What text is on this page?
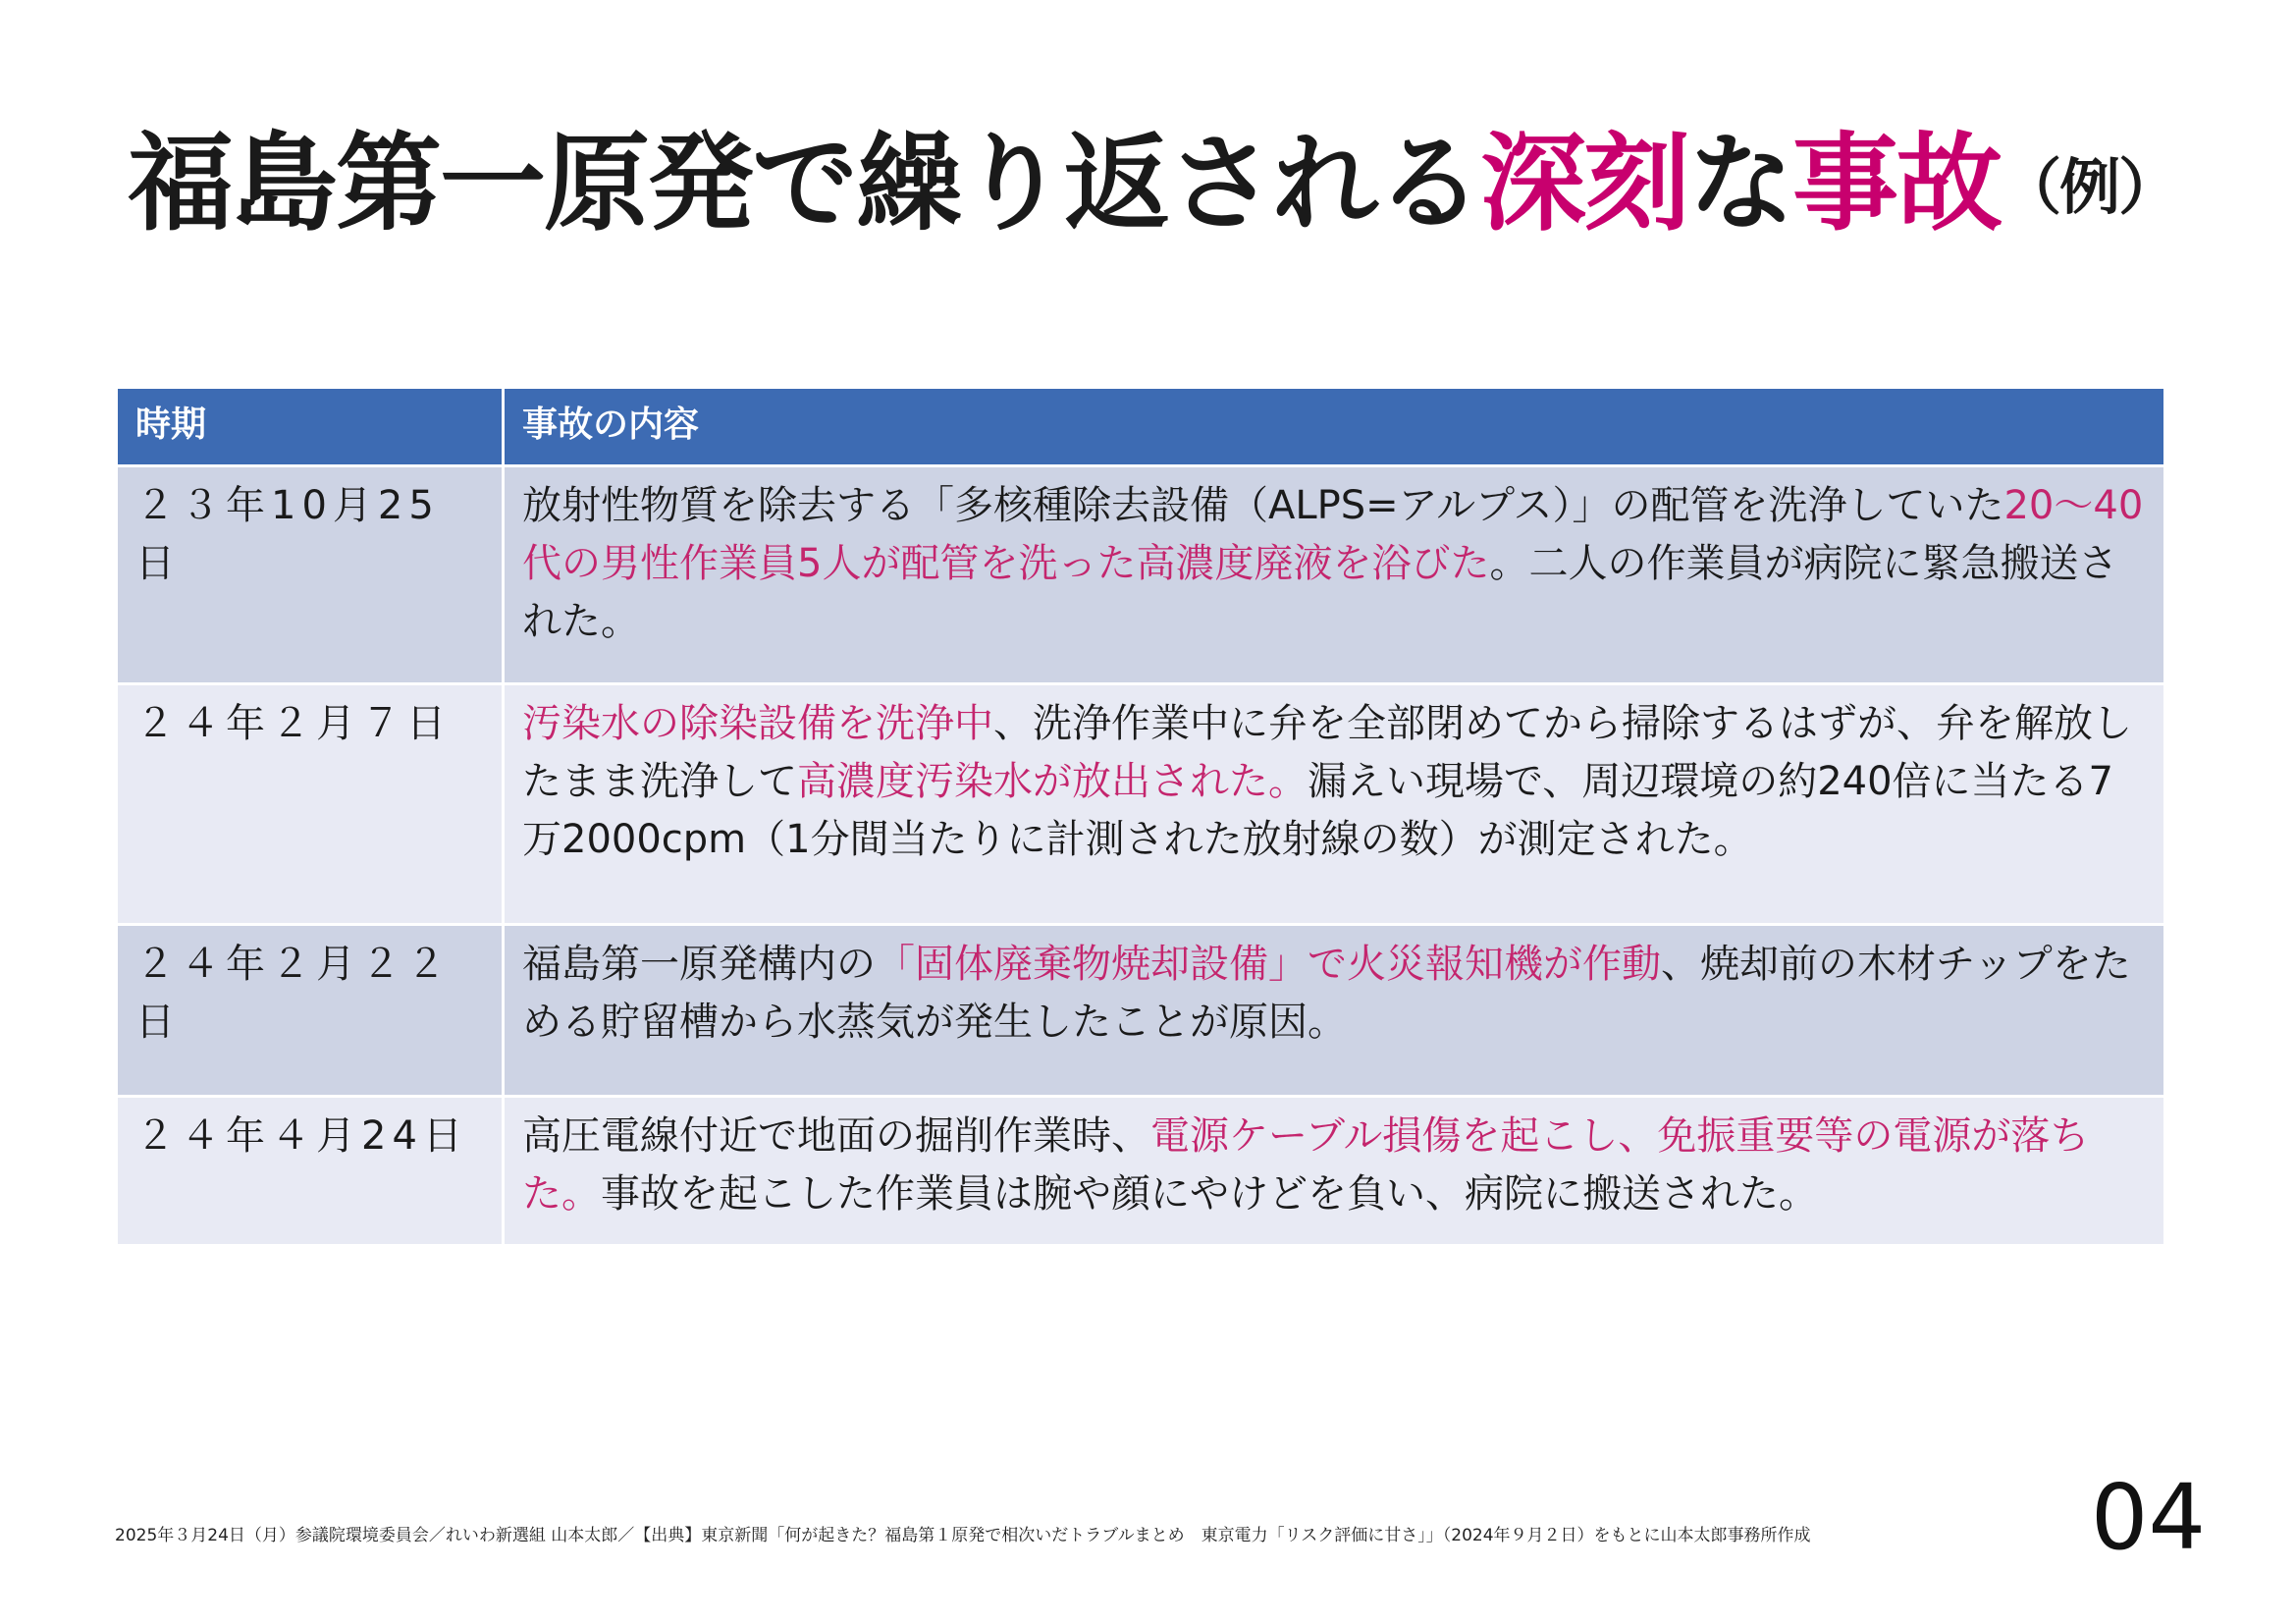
福島第一原発で繰り返される深刻な事故（例）
時期	事故の内容
２３年10月25日	放射性物質を除去する「多核種除去設備（ALPS=アルプス）」の配管を洗浄していた20～40代の男性作業員5人が配管を洗った高濃度廃液を浴びた。二人の作業員が病院に緊急搬送された。
２４年２月７日	汚染水の除染設備を洗浄中、洗浄作業中に弁を全部閉めてから掃除するはずが、弁を解放したまま洗浄して高濃度汚染水が放出された。漏えい現場で、周辺環境の約240倍に当たる7万2000cpm（1分間当たりに計測された放射線の数）が測定された。
２４年２月２２日	福島第一原発構内の「固体廃棄物焼却設備」で火災報知機が作動、焼却前の木材チップをためる貯留槽から水蒸気が発生したことが原因。
２４年４月24日	高圧電線付近で地面の掘削作業時、電源ケーブル損傷を起こし、免振重要等の電源が落ちた。事故を起こした作業員は腕や顔にやけどを負い、病院に搬送された。
2025年３月24日（月）参議院環境委員会／れいわ新選組 山本太郎／【出典】東京新聞「何が起きた？福島第１原発で相次いだトラブルまとめ　東京電力「リスク評価に甘さ」」（2024年９月２日）をもとに山本太郎事務所作成	04
